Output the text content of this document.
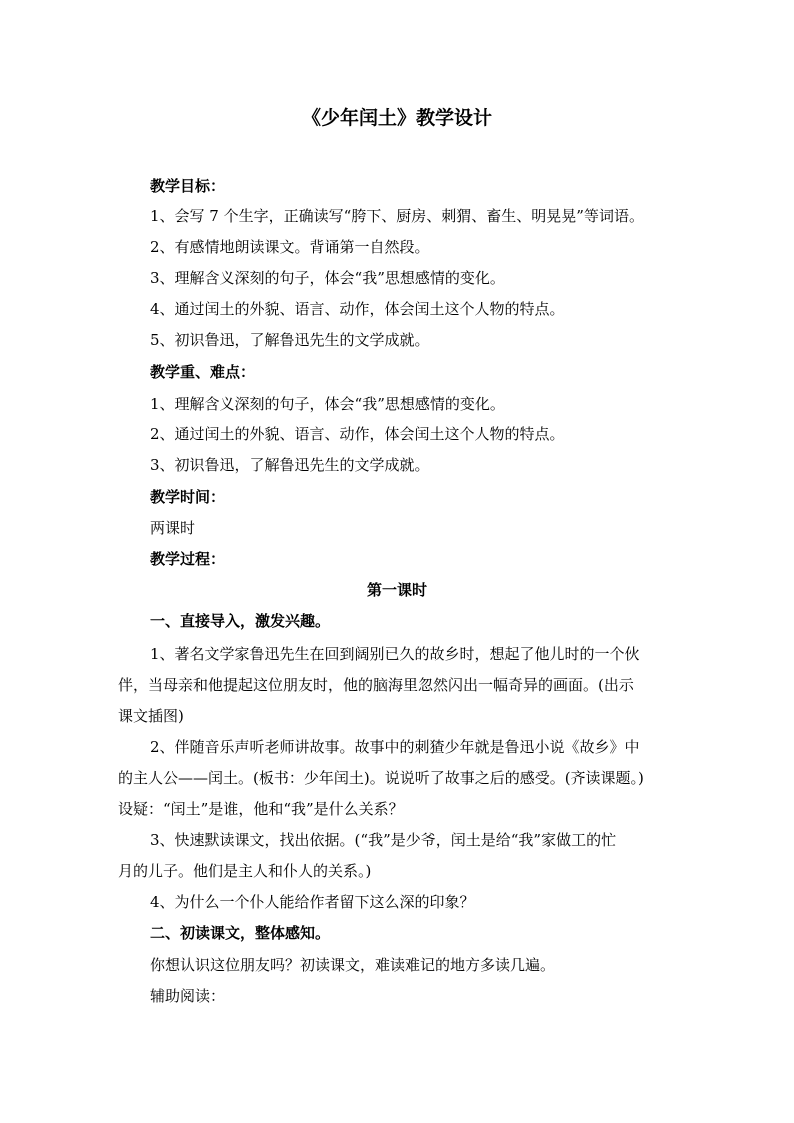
《少年闰土》教学设计
教学目标：
1、会写 7 个生字，正确读写“胯下、厨房、刺猬、畜生、明晃晃”等词语。
2、有感情地朗读课文。背诵第一自然段。
3、理解含义深刻的句子，体会“我”思想感情的变化。
4、通过闰土的外貌、语言、动作，体会闰土这个人物的特点。
5、初识鲁迅，了解鲁迅先生的文学成就。
教学重、难点：
1、理解含义深刻的句子，体会“我”思想感情的变化。
2、通过闰土的外貌、语言、动作，体会闰土这个人物的特点。
3、初识鲁迅，了解鲁迅先生的文学成就。
教学时间：
两课时
教学过程：
第一课时
一、直接导入，激发兴趣。
1、著名文学家鲁迅先生在回到阔别已久的故乡时，想起了他儿时的一个伙
伴，当母亲和他提起这位朋友时，他的脑海里忽然闪出一幅奇异的画面。(出示
课文插图)
2、伴随音乐声听老师讲故事。故事中的刺猹少年就是鲁迅小说《故乡》中
的主人公——闰土。(板书：少年闰土)。说说听了故事之后的感受。(齐读课题。)
设疑：“闰土”是谁，他和“我”是什么关系？
3、快速默读课文，找出依据。(“我”是少爷，闰土是给“我”家做工的忙
月的儿子。他们是主人和仆人的关系。)
4、为什么一个仆人能给作者留下这么深的印象？
二、初读课文，整体感知。
你想认识这位朋友吗？初读课文，难读难记的地方多读几遍。
辅助阅读：
